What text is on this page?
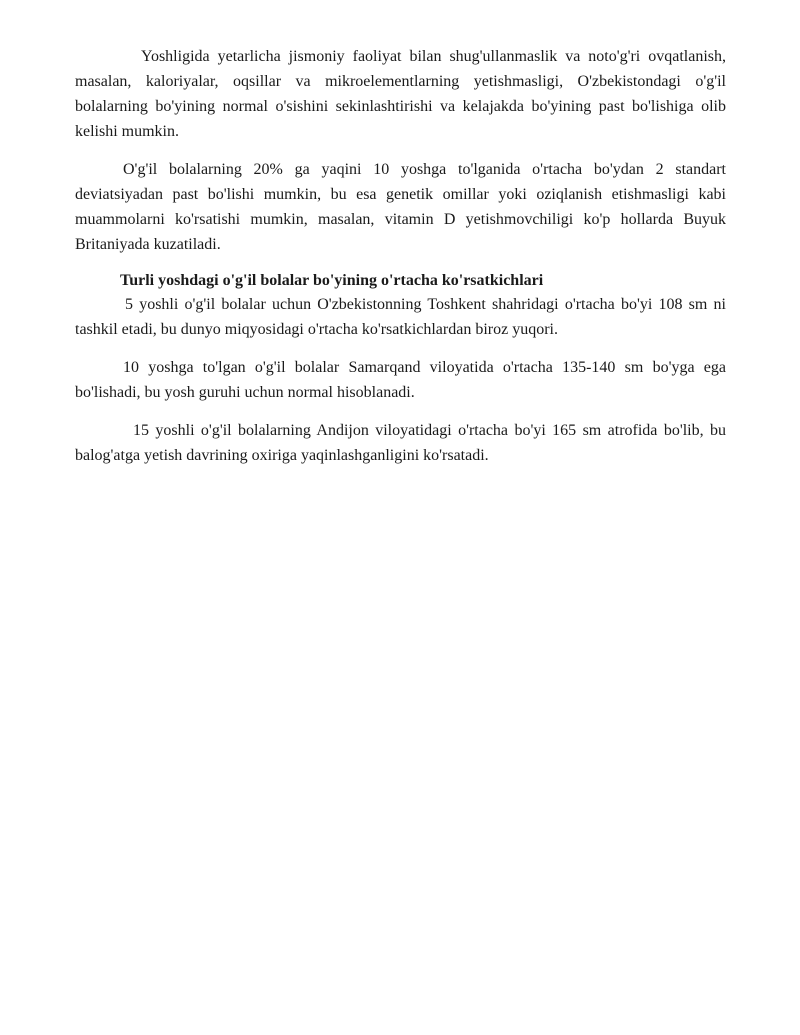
Yoshligida yetarlicha jismoniy faoliyat bilan shug'ullanmaslik va noto'g'ri ovqatlanish, masalan, kaloriyalar, oqsillar va mikroelementlarning yetishmasligi, O'zbekistondagi o'g'il bolalarning bo'yining normal o'sishini sekinlashtirishi va kelajakda bo'yining past bo'lishiga olib kelishi mumkin.

O'g'il bolalarning 20% ga yaqini 10 yoshga to'lganida o'rtacha bo'ydan 2 standart deviatsiyadan past bo'lishi mumkin, bu esa genetik omillar yoki oziqlanish etishmasligi kabi muammolarni ko'rsatishi mumkin, masalan, vitamin D yetishmovchiligi ko'p hollarda Buyuk Britaniyada kuzatiladi.

Turli yoshdagi o'g'il bolalar bo'yining o'rtacha ko'rsatkichlari

5 yoshli o'g'il bolalar uchun O'zbekistonning Toshkent shahridagi o'rtacha bo'yi 108 sm ni tashkil etadi, bu dunyo miqyosidagi o'rtacha ko'rsatkichlardan biroz yuqori.

10 yoshga to'lgan o'g'il bolalar Samarqand viloyatida o'rtacha 135-140 sm bo'yga ega bo'lishadi, bu yosh guruhi uchun normal hisoblanadi.

15 yoshli o'g'il bolalarning Andijon viloyatidagi o'rtacha bo'yi 165 sm atrofida bo'lib, bu balog'atga yetish davrining oxiriga yaqinlashganligini ko'rsatadi.
